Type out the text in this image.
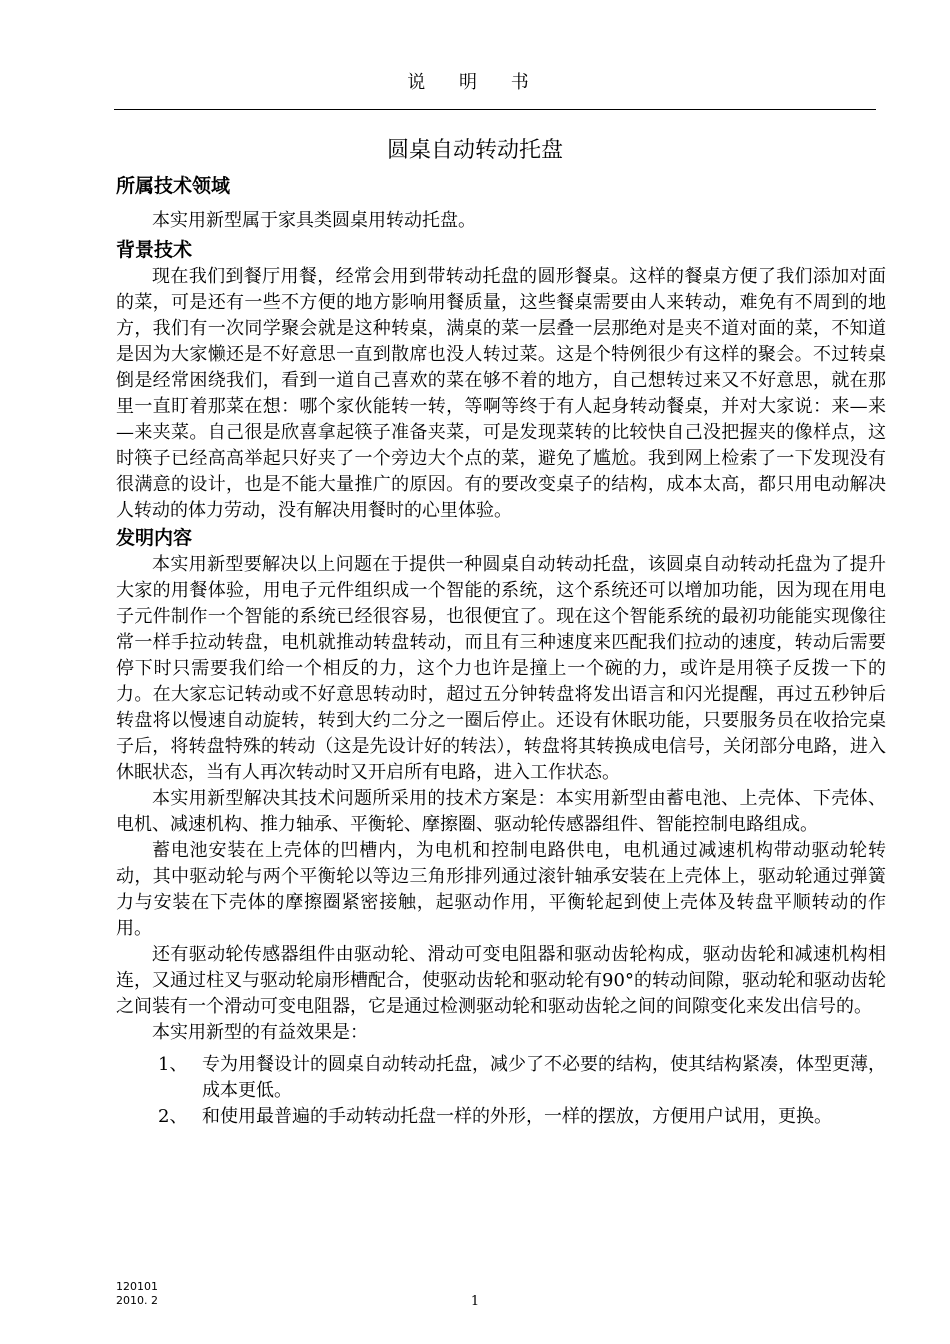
说 明 书
圆桌自动转动托盘
所属技术领域

本实用新型属于家具类圆桌用转动托盘。

背景技术

现在我们到餐厅用餐，经常会用到带转动托盘的圆形餐桌。这样的餐桌方便了我们添加对面的菜，可是还有一些不方便的地方影响用餐质量，这些餐桌需要由人来转动，难免有不周到的地方，我们有一次同学聚会就是这种转桌，满桌的菜一层叠一层那绝对是夹不道对面的菜，不知道是因为大家懒还是不好意思一直到散席也没人转过菜。这是个特例很少有这样的聚会。不过转桌倒是经常困绕我们，看到一道自己喜欢的菜在够不着的地方，自己想转过来又不好意思，就在那里一直盯着那菜在想：哪个家伙能转一转，等啊等终于有人起身转动餐桌，并对大家说：来—来—来夹菜。自己很是欣喜拿起筷子准备夹菜，可是发现菜转的比较快自己没把握夹的像样点，这时筷子已经高高举起只好夹了一个旁边大个点的菜，避免了尴尬。我到网上检索了一下发现没有很满意的设计，也是不能大量推广的原因。有的要改变桌子的结构，成本太高，都只用电动解决人转动的体力劳动，没有解决用餐时的心里体验。

发明内容

本实用新型要解决以上问题在于提供一种圆桌自动转动托盘，该圆桌自动转动托盘为了提升大家的用餐体验，用电子元件组织成一个智能的系统，这个系统还可以增加功能，因为现在用电子元件制作一个智能的系统已经很容易，也很便宜了。现在这个智能系统的最初功能能实现像往常一样手拉动转盘，电机就推动转盘转动，而且有三种速度来匹配我们拉动的速度，转动后需要停下时只需要我们给一个相反的力，这个力也许是撞上一个碗的力，或许是用筷子反拨一下的力。在大家忘记转动或不好意思转动时，超过五分钟转盘将发出语言和闪光提醒，再过五秒钟后转盘将以慢速自动旋转，转到大约二分之一圈后停止。还设有休眠功能，只要服务员在收拾完桌子后，将转盘特殊的转动（这是先设计好的转法），转盘将其转换成电信号，关闭部分电路，进入休眠状态，当有人再次转动时又开启所有电路，进入工作状态。

本实用新型解决其技术问题所采用的技术方案是：本实用新型由蓄电池、上壳体、下壳体、电机、减速机构、推力轴承、平衡轮、摩擦圈、驱动轮传感器组件、智能控制电路组成。

蓄电池安装在上壳体的凹槽内，为电机和控制电路供电，电机通过减速机构带动驱动轮转动，其中驱动轮与两个平衡轮以等边三角形排列通过滚针轴承安装在上壳体上，驱动轮通过弹簧力与安装在下壳体的摩擦圈紧密接触，起驱动作用，平衡轮起到使上壳体及转盘平顺转动的作用。

还有驱动轮传感器组件由驱动轮、滑动可变电阻器和驱动齿轮构成，驱动齿轮和减速机构相连，又通过柱叉与驱动轮扇形槽配合，使驱动齿轮和驱动轮有90°的转动间隙，驱动轮和驱动齿轮之间装有一个滑动可变电阻器，它是通过检测驱动轮和驱动齿轮之间的间隙变化来发出信号的。

本实用新型的有益效果是：

1、 专为用餐设计的圆桌自动转动托盘，减少了不必要的结构，使其结构紧凑，体型更薄，成本更低。
2、 和使用最普遍的手动转动托盘一样的外形，一样的摆放，方便用户试用，更换。
120101
2010. 2	1
